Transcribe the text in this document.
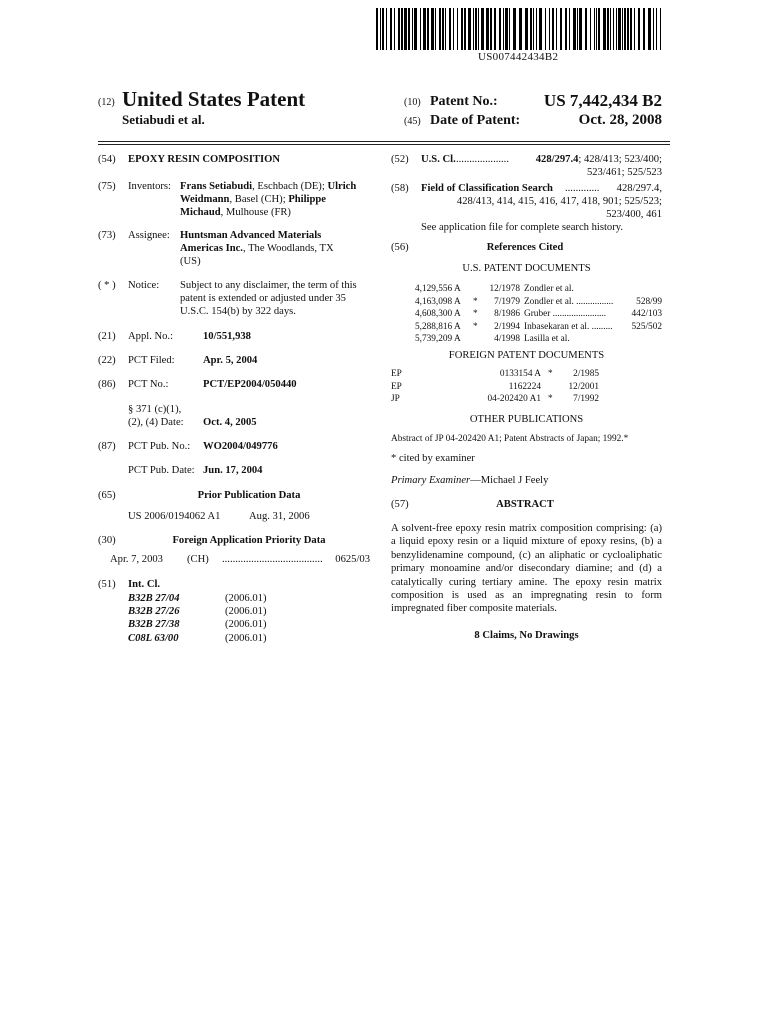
US007442434B2
(12) United States Patent
Setiabudi et al.
(10) Patent No.:	US 7,442,434 B2
(45) Date of Patent:	Oct. 28, 2008
(54) EPOXY RESIN COMPOSITION
(75) Inventors: Frans Setiabudi, Eschbach (DE); Ulrich
Weidmann, Basel (CH); Philippe
Michaud, Mulhouse (FR)
(73) Assignee: Huntsman Advanced Materials
Americas Inc., The Woodlands, TX
(US)
( * ) Notice: Subject to any disclaimer, the term of this
patent is extended or adjusted under 35
U.S.C. 154(b) by 322 days.
(21) Appl. No.:	10/551,938
(22) PCT Filed:	Apr. 5, 2004
(86) PCT No.:	PCT/EP2004/050440
§ 371 (c)(1),
(2), (4) Date: Oct. 4, 2005
(87) PCT Pub. No.: WO2004/049776
PCT Pub. Date: Jun. 17, 2004
(65)	Prior Publication Data
US 2006/0194062 A1	Aug. 31, 2006
(30)	Foreign Application Priority Data
Apr. 7, 2003 (CH) ......................................	0625/03
(51) Int. Cl.
B32B 27/04	(2006.01)
B32B 27/26	(2006.01)
B32B 27/38	(2006.01)
C08L 63/00	(2006.01)
(52) U.S. Cl. ....................	428/297.4; 428/413; 523/400;
523/461; 525/523
(58) Field of Classification Search .............	428/297.4,
428/413, 414, 415, 416, 417, 418, 901; 525/523;
523/400, 461
See application file for complete search history.
(56)	References Cited
U.S. PATENT DOCUMENTS
4,129,556 A	12/1978 Zondler et al.
4,163,098 A *	7/1979 Zondler et al. ................	528/99
4,608,300 A *	8/1986 Gruber .......................	442/103
5,288,816 A *	2/1994 Inbasekaran et al. .........	525/502
5,739,209 A	4/1998 Lasilla et al.
FOREIGN PATENT DOCUMENTS
EP	0133154 A *	2/1985
EP	1162224	12/2001
JP	04-202420 A1 *	7/1992
OTHER PUBLICATIONS
Abstract of JP 04-202420 A1; Patent Abstracts of Japan; 1992.*
* cited by examiner
Primary Examiner—Michael J Feely
(57)	ABSTRACT
A solvent-free epoxy resin matrix composition comprising: (a) a liquid epoxy resin or a liquid mixture of epoxy resins, (b) a benzylidenamine compound, (c) an aliphatic or cycloaliphatic primary monoamine and/or disecondary diamine; and (d) a catalytically curing tertiary amine. The epoxy resin matrix composition is used as an impregnating resin to form impregnated fiber composite materials.
8 Claims, No Drawings
